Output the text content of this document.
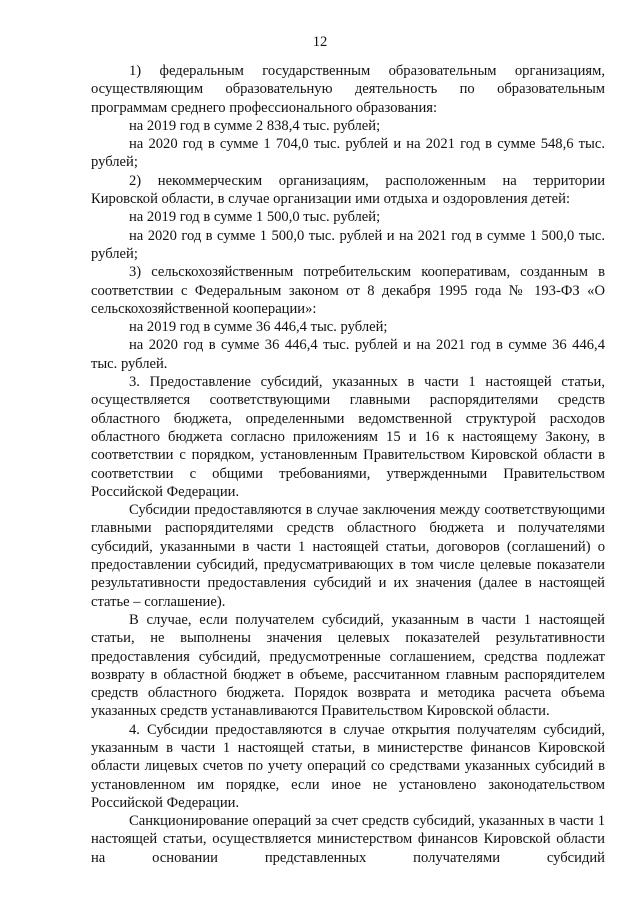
12

1) федеральным государственным образовательным организациям, осуществляющим образовательную деятельность по образовательным программам среднего профессионального образования:

на 2019 год в сумме 2 838,4 тыс. рублей;

на 2020 год в сумме 1 704,0 тыс. рублей и на 2021 год в сумме 548,6 тыс. рублей;

2) некоммерческим организациям, расположенным на территории Кировской области, в случае организации ими отдыха и оздоровления детей:

на 2019 год в сумме 1 500,0 тыс. рублей;

на 2020 год в сумме 1 500,0 тыс. рублей и на 2021 год в сумме 1 500,0 тыс. рублей;

3) сельскохозяйственным потребительским кооперативам, созданным в соответствии с Федеральным законом от 8 декабря 1995 года № 193-ФЗ «О сельскохозяйственной кооперации»:

на 2019 год в сумме 36 446,4 тыс. рублей;

на 2020 год в сумме 36 446,4 тыс. рублей и на 2021 год в сумме 36 446,4 тыс. рублей.

3. Предоставление субсидий, указанных в части 1 настоящей статьи, осуществляется соответствующими главными распорядителями средств областного бюджета, определенными ведомственной структурой расходов областного бюджета согласно приложениям 15 и 16 к настоящему Закону, в соответствии с порядком, установленным Правительством Кировской области в соответствии с общими требованиями, утвержденными Правительством Российской Федерации.

Субсидии предоставляются в случае заключения между соответствующими главными распорядителями средств областного бюджета и получателями субсидий, указанными в части 1 настоящей статьи, договоров (соглашений) о предоставлении субсидий, предусматривающих в том числе целевые показатели результативности предоставления субсидий и их значения (далее в настоящей статье – соглашение).

В случае, если получателем субсидий, указанным в части 1 настоящей статьи, не выполнены значения целевых показателей результативности предоставления субсидий, предусмотренные соглашением, средства подлежат возврату в областной бюджет в объеме, рассчитанном главным распорядителем средств областного бюджета. Порядок возврата и методика расчета объема указанных средств устанавливаются Правительством Кировской области.

4. Субсидии предоставляются в случае открытия получателям субсидий, указанным в части 1 настоящей статьи, в министерстве финансов Кировской области лицевых счетов по учету операций со средствами указанных субсидий в установленном им порядке, если иное не установлено законодательством Российской Федерации.

Санкционирование операций за счет средств субсидий, указанных в части 1 настоящей статьи, осуществляется министерством финансов Кировской области на основании представленных получателями субсидий
